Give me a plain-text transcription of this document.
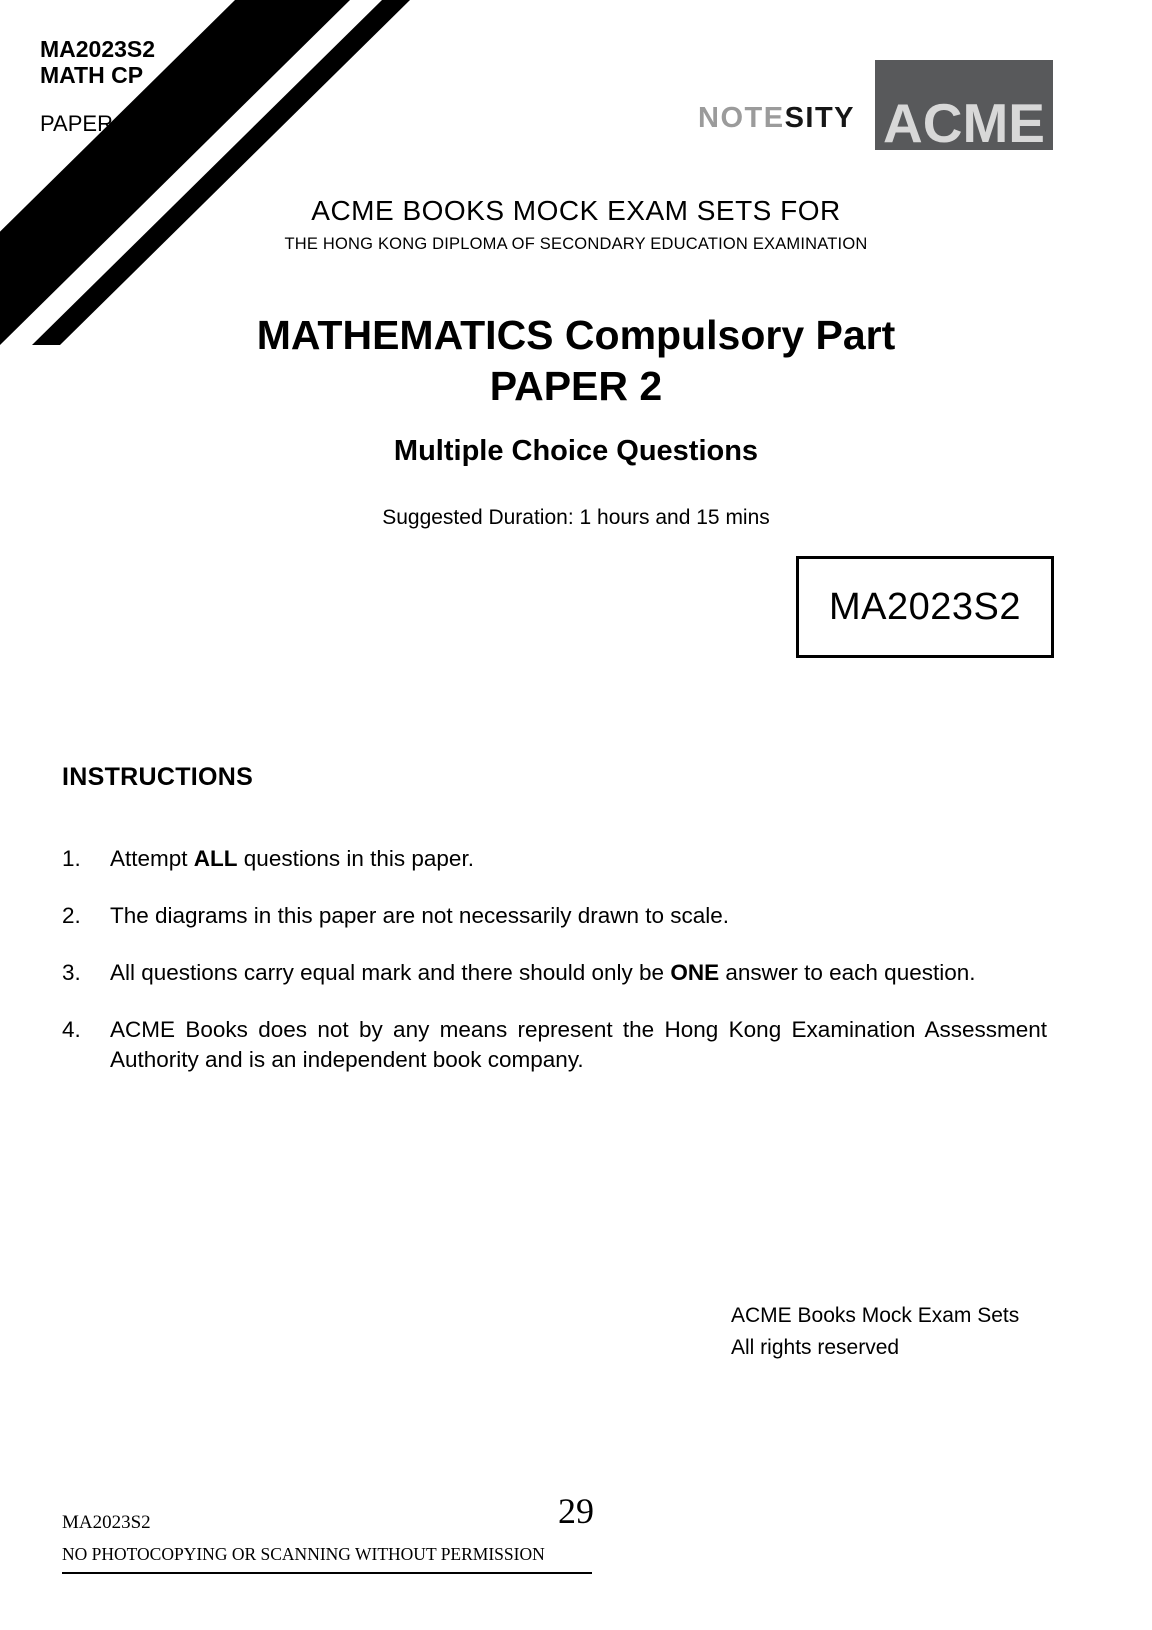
MA2023S2
MATH CP
PAPER 2	NOTESITY ACME
ACME BOOKS MOCK EXAM SETS FOR
THE HONG KONG DIPLOMA OF SECONDARY EDUCATION EXAMINATION
MATHEMATICS Compulsory Part
PAPER 2
Multiple Choice Questions
Suggested Duration: 1 hours and 15 mins
MA2023S2
INSTRUCTIONS
1.	Attempt ALL questions in this paper.
2.	The diagrams in this paper are not necessarily drawn to scale.
3.	All questions carry equal mark and there should only be ONE answer to each question.
4.	ACME Books does not by any means represent the Hong Kong Examination Assessment Authority and is an independent book company.
ACME Books Mock Exam Sets
All rights reserved
29
MA2023S2
NO PHOTOCOPYING OR SCANNING WITHOUT PERMISSION
